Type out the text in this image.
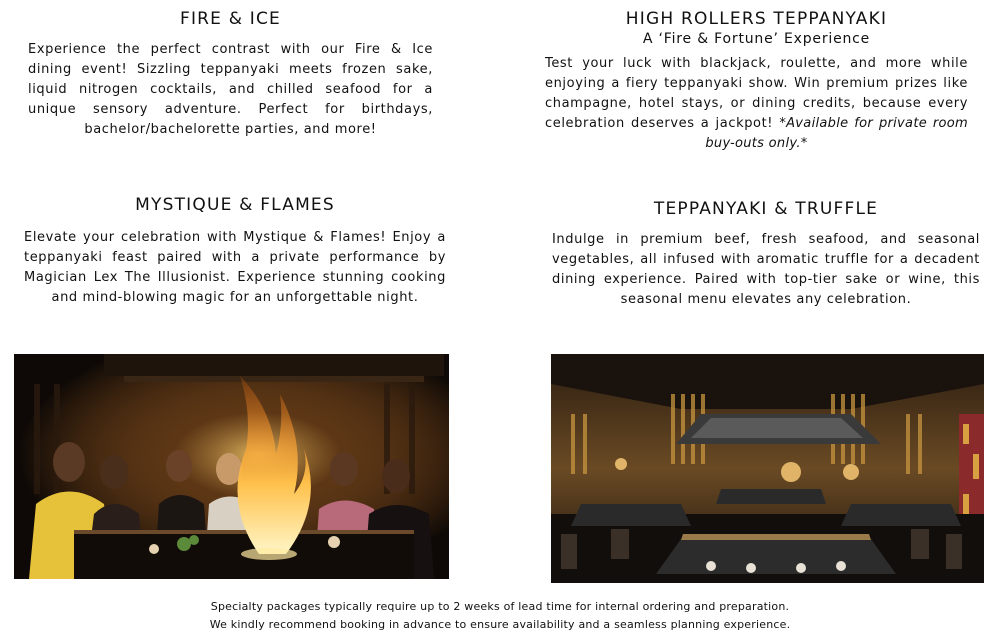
FIRE & ICE

Experience the perfect contrast with our Fire & Ice dining event! Sizzling teppanyaki meets frozen sake, liquid nitrogen cocktails, and chilled seafood for a unique sensory adventure. Perfect for birthdays, bachelor/bachelorette parties, and more!

HIGH ROLLERS TEPPANYAKI

A ‘Fire & Fortune’ Experience

Test your luck with blackjack, roulette, and more while enjoying a fiery teppanyaki show. Win premium prizes like champagne, hotel stays, or dining credits, because every celebration deserves a jackpot! *Available for private room buy-outs only.*

MYSTIQUE & FLAMES

Elevate your celebration with Mystique & Flames! Enjoy a teppanyaki feast paired with a private performance by Magician Lex The Illusionist. Experience stunning cooking and mind-blowing magic for an unforgettable night.

TEPPANYAKI & TRUFFLE

Indulge in premium beef, fresh seafood, and seasonal vegetables, all infused with aromatic truffle for a decadent dining experience. Paired with top-tier sake or wine, this seasonal menu elevates any celebration.

Specialty packages typically require up to 2 weeks of lead time for internal ordering and preparation.

We kindly recommend booking in advance to ensure availability and a seamless planning experience.
